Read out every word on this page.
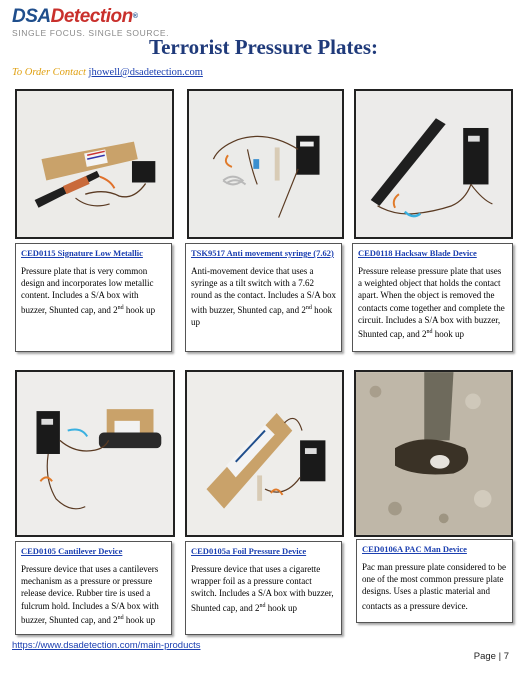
DSADetection®
SINGLE FOCUS. SINGLE SOURCE.
Terrorist Pressure Plates:
To Order Contact jhowell@dsadetection.com
CED0115 Signature Low Metallic
Pressure plate that is very common design and incorporates low metallic content. Includes a S/A box with buzzer, Shunted cap, and 2nd hook up
TSK9517 Anti movement syringe (7.62)
Anti-movement device that uses a syringe as a tilt switch with a 7.62 round as the contact. Includes a S/A box with buzzer, Shunted cap, and 2nd hook up
CED0118 Hacksaw Blade Device
Pressure release pressure plate that uses a weighted object that holds the contact apart. When the object is removed the contacts come together and complete the circuit. Includes a S/A box with buzzer, Shunted cap, and 2nd hook up
CED0105 Cantilever Device
Pressure device that uses a cantilevers mechanism as a pressure or pressure release device. Rubber tire is used a fulcrum hold. Includes a S/A box with buzzer, Shunted cap, and 2nd hook up
CED0105a Foil Pressure Device
Pressure device that uses a cigarette wrapper foil as a pressure contact switch. Includes a S/A box with buzzer, Shunted cap, and 2nd hook up
CED0106A PAC Man Device
Pac man pressure plate considered to be one of the most common pressure plate designs. Uses a plastic material and contacts as a pressure device.
https://www.dsadetection.com/main-products
Page | 7
